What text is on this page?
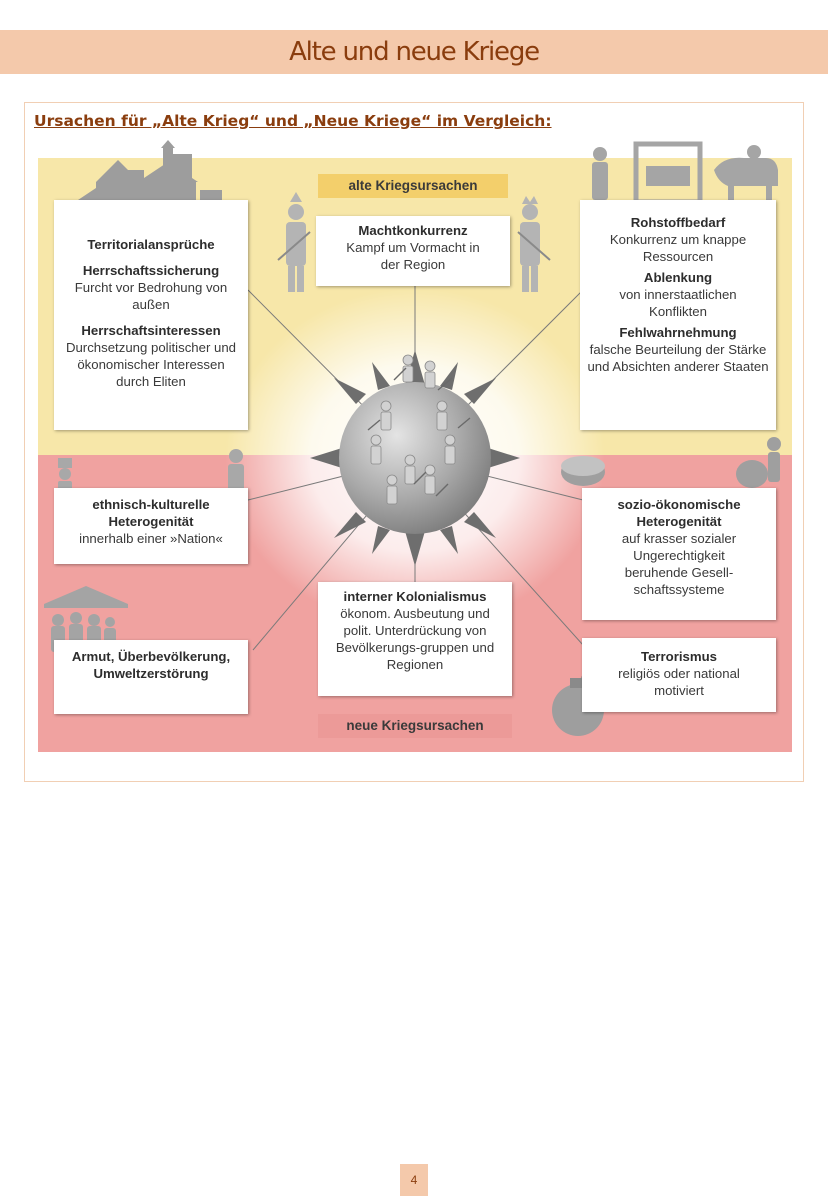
Alte und neue Kriege
Ursachen für „Alte Krieg“ und „Neue Kriege“ im Vergleich:
alte Kriegsursachen
neue Kriegsursachen
Territorialansprüche
Herrschaftssicherung
Furcht vor Bedrohung von außen
Herrschaftsinteressen
Durchsetzung politischer und ökonomischer Interessen durch Eliten
Machtkonkurrenz
Kampf um Vormacht in der Region
Rohstoffbedarf
Konkurrenz um knappe Ressourcen
Ablenkung
von innerstaatlichen Konflikten
Fehlwahrnehmung
falsche Beurteilung der Stärke und Absichten anderer Staaten
ethnisch-kulturelle Heterogenität
innerhalb einer »Nation«
sozio-ökonomische Heterogenität
auf krasser sozialer Ungerechtigkeit beruhende Gesell-schaftssysteme
interner Kolonialismus
ökonom. Ausbeutung und polit. Unterdrückung von Bevölkerungs-gruppen und Regionen
Armut, Überbevölkerung, Umweltzerstörung
Terrorismus
religiös oder national motiviert
4
